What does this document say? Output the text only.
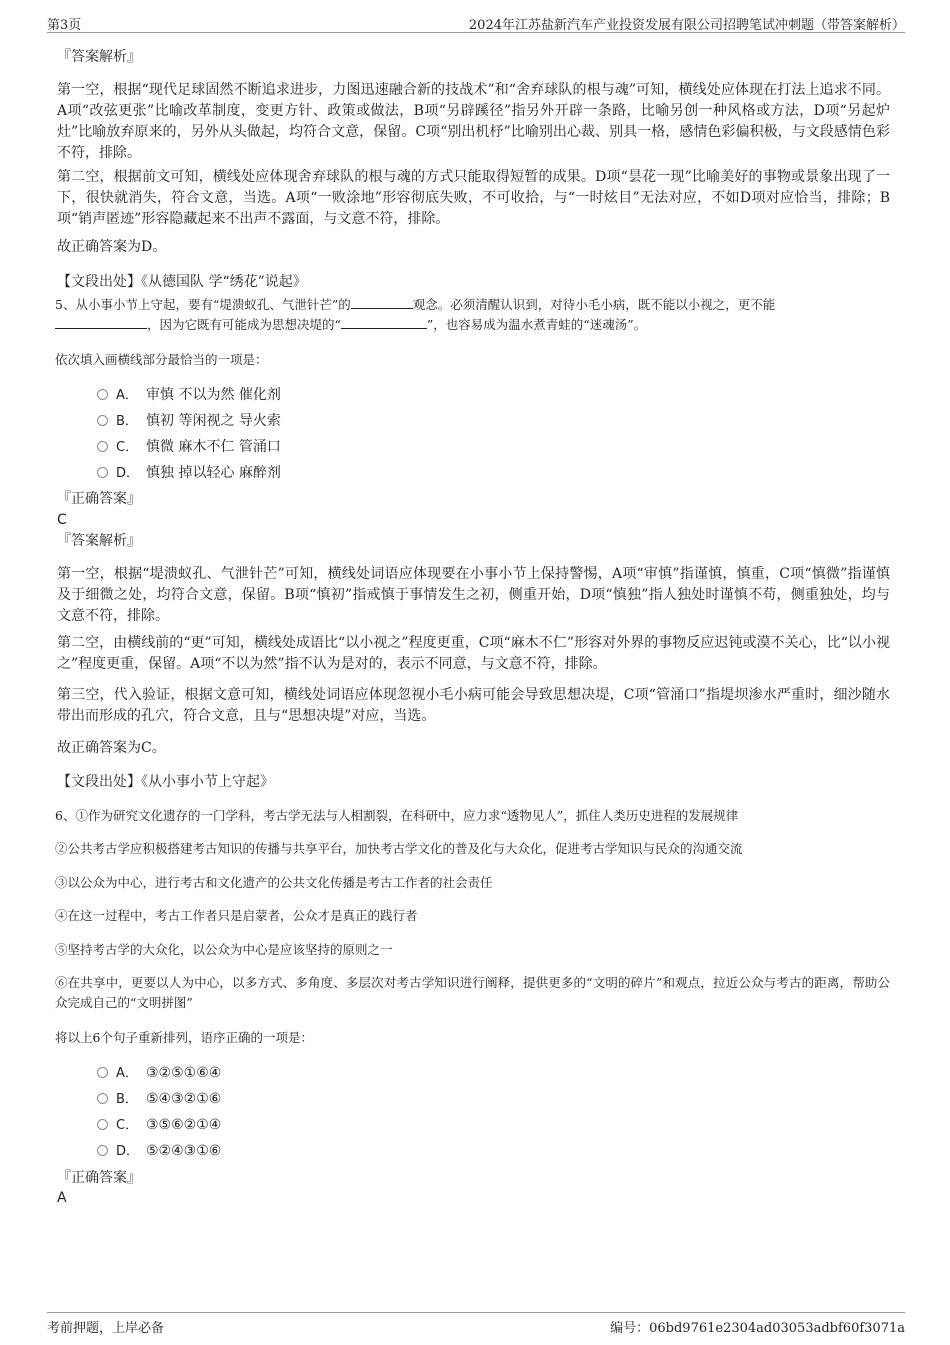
第3页	2024年江苏盐新汽车产业投资发展有限公司招聘笔试冲刺题（带答案解析）
『答案解析』
第一空，根据“现代足球固然不断追求进步，力图迅速融合新的技战术”和“舍弃球队的根与魂”可知，横线处应体现在打法上追求不同。A项“改弦更张”比喻改革制度，变更方针、政策或做法，B项“另辟蹊径”指另外开辟一条路，比喻另创一种风格或方法，D项“另起炉灶”比喻放弃原来的，另外从头做起，均符合文意，保留。C项“别出机杼”比喻别出心裁、别具一格，感情色彩偏积极，与文段感情色彩不符，排除。
第二空，根据前文可知，横线处应体现舍弃球队的根与魂的方式只能取得短暂的成果。D项“昙花一现”比喻美好的事物或景象出现了一下，很快就消失，符合文意，当选。A项“一败涂地”形容彻底失败，不可收拾，与“一时炫目”无法对应，不如D项对应恰当，排除；B项“销声匿迹”形容隐藏起来不出声不露面，与文意不符，排除。
故正确答案为D。
【文段出处】《从德国队 学“绣花”说起》
5、从小事小节上守起，要有“堤溃蚁孔、气泄针芒”的	观念。必须清醒认识到，对待小毛小病，既不能以小视之，更不能
，因为它既有可能成为思想决堤的“	”，也容易成为温水煮青蛙的“迷魂汤”。
依次填入画横线部分最恰当的一项是：
A． 审慎 不以为然 催化剂
B． 慎初 等闲视之 导火索
C． 慎微 麻木不仁 管涌口
D． 慎独 掉以轻心 麻醉剂
『正确答案』
C
『答案解析』
第一空，根据“堤溃蚁孔、气泄针芒”可知，横线处词语应体现要在小事小节上保持警惕，A项“审慎”指谨慎，慎重，C项“慎微”指谨慎及于细微之处，均符合文意，保留。B项“慎初”指戒慎于事情发生之初，侧重开始，D项“慎独”指人独处时谨慎不苟，侧重独处，均与文意不符，排除。
第二空，由横线前的“更”可知，横线处成语比“以小视之”程度更重，C项“麻木不仁”形容对外界的事物反应迟钝或漠不关心，比“以小视之”程度更重，保留。A项“不以为然”指不认为是对的，表示不同意，与文意不符，排除。
第三空，代入验证，根据文意可知，横线处词语应体现忽视小毛小病可能会导致思想决堤，C项“管涌口”指堤坝渗水严重时，细沙随水带出而形成的孔穴，符合文意，且与“思想决堤”对应，当选。
故正确答案为C。
【文段出处】《从小事小节上守起》
6、①作为研究文化遗存的一门学科，考古学无法与人相割裂，在科研中，应力求“透物见人”，抓住人类历史进程的发展规律
②公共考古学应积极搭建考古知识的传播与共享平台，加快考古学文化的普及化与大众化，促进考古学知识与民众的沟通交流
③以公众为中心，进行考古和文化遗产的公共文化传播是考古工作者的社会责任
④在这一过程中，考古工作者只是启蒙者，公众才是真正的践行者
⑤坚持考古学的大众化，以公众为中心是应该坚持的原则之一
⑥在共享中，更要以人为中心，以多方式、多角度、多层次对考古学知识进行阐释，提供更多的“文明的碎片”和观点，拉近公众与考古的距离，帮助公众完成自己的“文明拼图”
将以上6个句子重新排列，语序正确的一项是：
A． ③②⑤①⑥④
B． ⑤④③②①⑥
C． ③⑤⑥②①④
D． ⑤②④③①⑥
『正确答案』
A
考前押题，上岸必备	编号：06bd9761e2304ad03053adbf60f3071a
